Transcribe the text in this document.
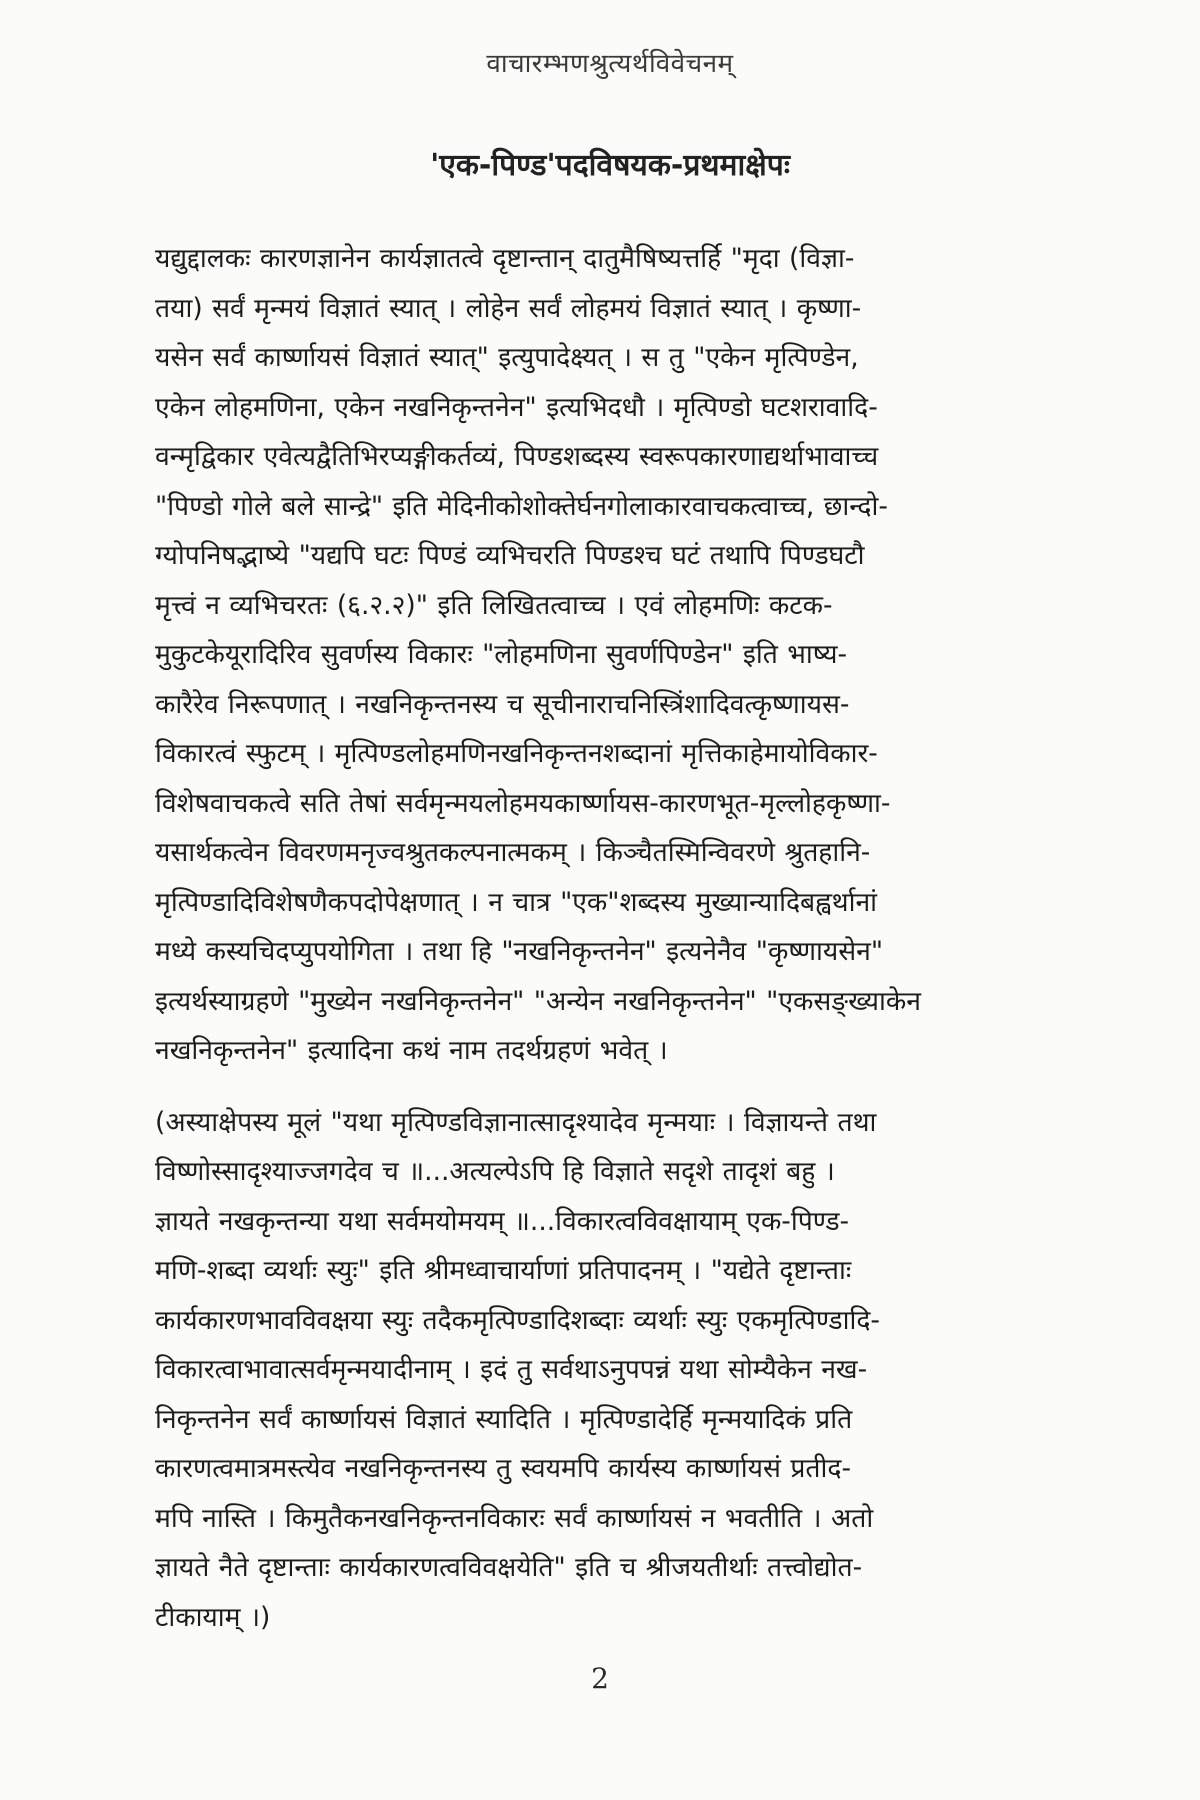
वाचारम्भणश्रुत्यर्थविवेचनम्
'एक-पिण्ड'पदविषयक-प्रथमाक्षेपः
यद्युद्दालकः कारणज्ञानेन कार्यज्ञातत्वे दृष्टान्तान् दातुमैषिष्यत्तर्हि "मृदा (विज्ञा-
तया) सर्वं मृन्मयं विज्ञातं स्यात् । लोहेन सर्वं लोहमयं विज्ञातं स्यात् । कृष्णा-
यसेन सर्वं कार्ष्णायसं विज्ञातं स्यात्" इत्युपादेक्ष्यत् । स तु "एकेन मृत्पिण्डेन,
एकेन लोहमणिना, एकेन नखनिकृन्तनेन" इत्यभिदधौ । मृत्पिण्डो घटशरावादि-
वन्मृद्विकार एवेत्यद्वैतिभिरप्यङ्गीकर्तव्यं, पिण्डशब्दस्य स्वरूपकारणाद्यर्थाभावाच्च
"पिण्डो गोले बले सान्द्रे" इति मेदिनीकोशोक्तेर्घनगोलाकारवाचकत्वाच्च, छान्दो-
ग्योपनिषद्भाष्ये "यद्यपि घटः पिण्डं व्यभिचरति पिण्डश्च घटं तथापि पिण्डघटौ
मृत्त्वं न व्यभिचरतः (६.२.२)" इति लिखितत्वाच्च । एवं लोहमणिः कटक-
मुकुटकेयूरादिरिव सुवर्णस्य विकारः "लोहमणिना सुवर्णपिण्डेन" इति भाष्य-
कारैरेव निरूपणात् । नखनिकृन्तनस्य च सूचीनाराचनिस्त्रिंशादिवत्कृष्णायस-
विकारत्वं स्फुटम् । मृत्पिण्डलोहमणिनखनिकृन्तनशब्दानां मृत्तिकाहेमायोविकार-
विशेषवाचकत्वे सति तेषां सर्वमृन्मयलोहमयकार्ष्णायस-कारणभूत-मृल्लोहकृष्णा-
यसार्थकत्वेन विवरणमनृज्वश्रुतकल्पनात्मकम् । किञ्चैतस्मिन्विवरणे श्रुतहानि-
मृत्पिण्डादिविशेषणैकपदोपेक्षणात् । न चात्र "एक"शब्दस्य मुख्यान्यादिबह्वर्थानां
मध्ये कस्यचिदप्युपयोगिता । तथा हि "नखनिकृन्तनेन" इत्यनेनैव "कृष्णायसेन"
इत्यर्थस्याग्रहणे "मुख्येन नखनिकृन्तनेन" "अन्येन नखनिकृन्तनेन" "एकसङ्ख्याकेन
नखनिकृन्तनेन" इत्यादिना कथं नाम तदर्थग्रहणं भवेत् ।
(अस्याक्षेपस्य मूलं "यथा मृत्पिण्डविज्ञानात्सादृश्यादेव मृन्मयाः । विज्ञायन्ते तथा
विष्णोस्सादृश्याज्जगदेव च ॥...अत्यल्पेऽपि हि विज्ञाते सदृशे तादृशं बहु ।
ज्ञायते नखकृन्तन्या यथा सर्वमयोमयम् ॥...विकारत्वविवक्षायाम् एक-पिण्ड-
मणि-शब्दा व्यर्थाः स्युः" इति श्रीमध्वाचार्याणां प्रतिपादनम् । "यद्येते दृष्टान्ताः
कार्यकारणभावविवक्षया स्युः तदैकमृत्पिण्डादिशब्दाः व्यर्थाः स्युः एकमृत्पिण्डादि-
विकारत्वाभावात्सर्वमृन्मयादीनाम् । इदं तु सर्वथाऽनुपपन्नं यथा सोम्यैकेन नख-
निकृन्तनेन सर्वं कार्ष्णायसं विज्ञातं स्यादिति । मृत्पिण्डादेर्हि मृन्मयादिकं प्रति
कारणत्वमात्रमस्त्येव नखनिकृन्तनस्य तु स्वयमपि कार्यस्य कार्ष्णायसं प्रतीद-
मपि नास्ति । किमुतैकनखनिकृन्तनविकारः सर्वं कार्ष्णायसं न भवतीति । अतो
ज्ञायते नैते दृष्टान्ताः कार्यकारणत्वविवक्षयेति" इति च श्रीजयतीर्थाः तत्त्वोद्योत-
टीकायाम् ।)
2
